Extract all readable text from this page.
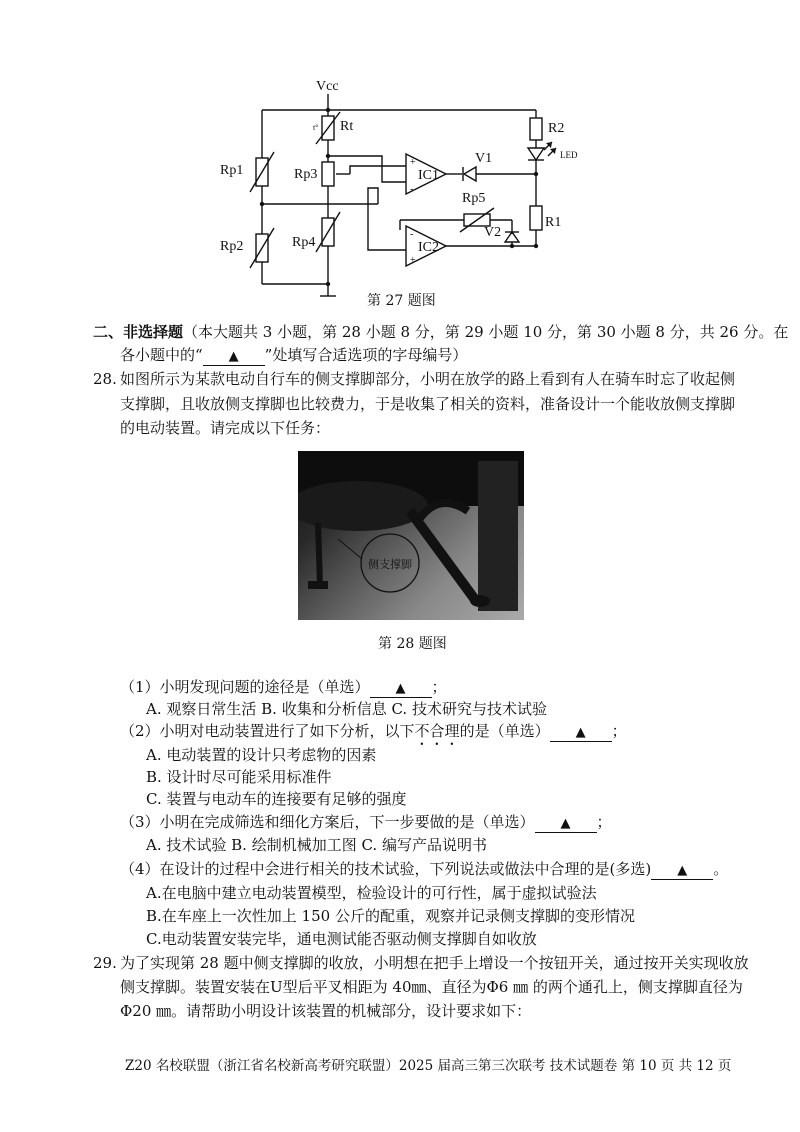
Vcc
t° Rt	R2
LED
Rp1	Rp3	IC1
+
-
V1
Rp5
R1
Rp2	Rp4	IC2
-
+
V2
第 27 题图
二、非选择题（本大题共 3 小题，第 28 小题 8 分，第 29 小题 10 分，第 30 小题 8 分，共 26 分。在
各小题中的“ ▲ ”处填写合适选项的字母编号）
28. 如图所示为某款电动自行车的侧支撑脚部分，小明在放学的路上看到有人在骑车时忘了收起侧
支撑脚，且收放侧支撑脚也比较费力，于是收集了相关的资料，准备设计一个能收放侧支撑脚
的电动装置。请完成以下任务：
侧支撑脚
第 28 题图
（1）小明发现问题的途径是（单选） ▲ ；
A. 观察日常生活 B. 收集和分析信息 C. 技术研究与技术试验
（2）小明对电动装置进行了如下分析，以下不合理的是（单选） ▲ ；
A. 电动装置的设计只考虑物的因素
B. 设计时尽可能采用标准件
C. 装置与电动车的连接要有足够的强度
（3）小明在完成筛选和细化方案后，下一步要做的是（单选） ▲ ；
A. 技术试验 B. 绘制机械加工图 C. 编写产品说明书
（4）在设计的过程中会进行相关的技术试验，下列说法或做法中合理的是(多选) ▲ 。
A.在电脑中建立电动装置模型，检验设计的可行性，属于虚拟试验法
B.在车座上一次性加上 150 公斤的配重，观察并记录侧支撑脚的变形情况
C.电动装置安装完毕，通电测试能否驱动侧支撑脚自如收放
29. 为了实现第 28 题中侧支撑脚的收放，小明想在把手上增设一个按钮开关，通过按开关实现收放
侧支撑脚。装置安装在U型后平叉相距为 40㎜、直径为Φ6 ㎜ 的两个通孔上，侧支撑脚直径为
Φ20 ㎜。请帮助小明设计该装置的机械部分，设计要求如下：
Z20 名校联盟（浙江省名校新高考研究联盟）2025 届高三第三次联考 技术试题卷 第 10 页 共 12 页
